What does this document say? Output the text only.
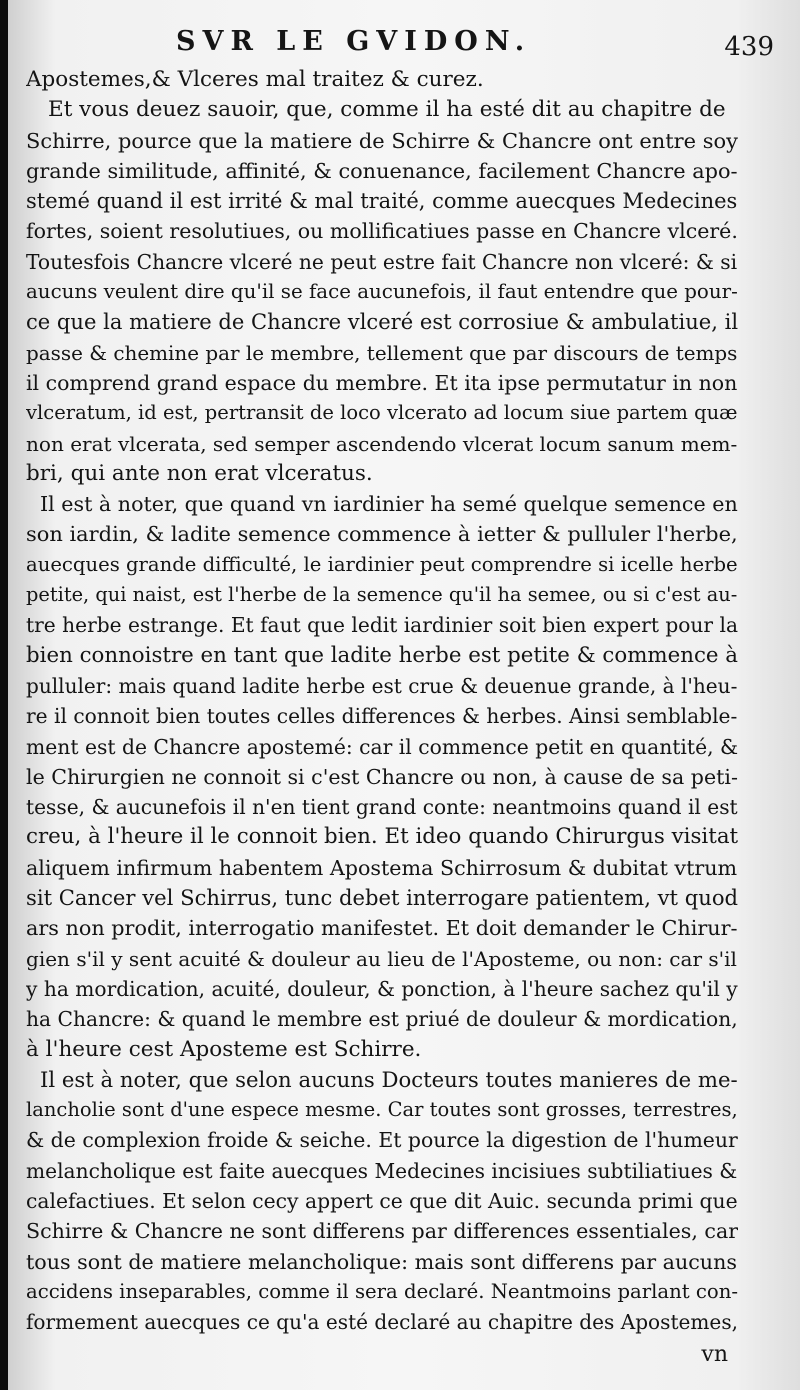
SVR LE GVIDON.	439
Apostemes,& Vlceres mal traitez & curez.
Et vous deuez sauoir, que, comme il ha esté dit au chapitre de
Schirre, pource que la matiere de Schirre & Chancre ont entre soy
grande similitude, affinité, & conuenance, facilement Chancre apo-
stemé quand il est irrité & mal traité, comme auecques Medecines
fortes, soient resolutiues, ou mollificatiues passe en Chancre vlceré.
Toutesfois Chancre vlceré ne peut estre fait Chancre non vlceré: & si
aucuns veulent dire qu'il se face aucunefois, il faut entendre que pour-
ce que la matiere de Chancre vlceré est corrosiue & ambulatiue, il
passe & chemine par le membre, tellement que par discours de temps
il comprend grand espace du membre. Et ita ipse permutatur in non
vlceratum, id est, pertransit de loco vlcerato ad locum siue partem quæ
non erat vlcerata, sed semper ascendendo vlcerat locum sanum mem-
bri, qui ante non erat vlceratus.
Il est à noter, que quand vn iardinier ha semé quelque semence en
son iardin, & ladite semence commence à ietter & pulluler l'herbe,
auecques grande difficulté, le iardinier peut comprendre si icelle herbe
petite, qui naist, est l'herbe de la semence qu'il ha semee, ou si c'est au-
tre herbe estrange. Et faut que ledit iardinier soit bien expert pour la
bien connoistre en tant que ladite herbe est petite & commence à
pulluler: mais quand ladite herbe est crue & deuenue grande, à l'heu-
re il connoit bien toutes celles differences & herbes. Ainsi semblable-
ment est de Chancre apostemé: car il commence petit en quantité, &
le Chirurgien ne connoit si c'est Chancre ou non, à cause de sa peti-
tesse, & aucunefois il n'en tient grand conte: neantmoins quand il est
creu, à l'heure il le connoit bien. Et ideo quando Chirurgus visitat
aliquem infirmum habentem Apostema Schirrosum & dubitat vtrum
sit Cancer vel Schirrus, tunc debet interrogare patientem, vt quod
ars non prodit, interrogatio manifestet. Et doit demander le Chirur-
gien s'il y sent acuité & douleur au lieu de l'Aposteme, ou non: car s'il
y ha mordication, acuité, douleur, & ponction, à l'heure sachez qu'il y
ha Chancre: & quand le membre est priué de douleur & mordication,
à l'heure cest Aposteme est Schirre.
Il est à noter, que selon aucuns Docteurs toutes manieres de me-
lancholie sont d'une espece mesme. Car toutes sont grosses, terrestres,
& de complexion froide & seiche. Et pource la digestion de l'humeur
melancholique est faite auecques Medecines incisiues subtiliatiues &
calefactiues. Et selon cecy appert ce que dit Auic. secunda primi que
Schirre & Chancre ne sont differens par differences essentiales, car
tous sont de matiere melancholique: mais sont differens par aucuns
accidens inseparables, comme il sera declaré. Neantmoins parlant con-
formement auecques ce qu'a esté declaré au chapitre des Apostemes,
vn
